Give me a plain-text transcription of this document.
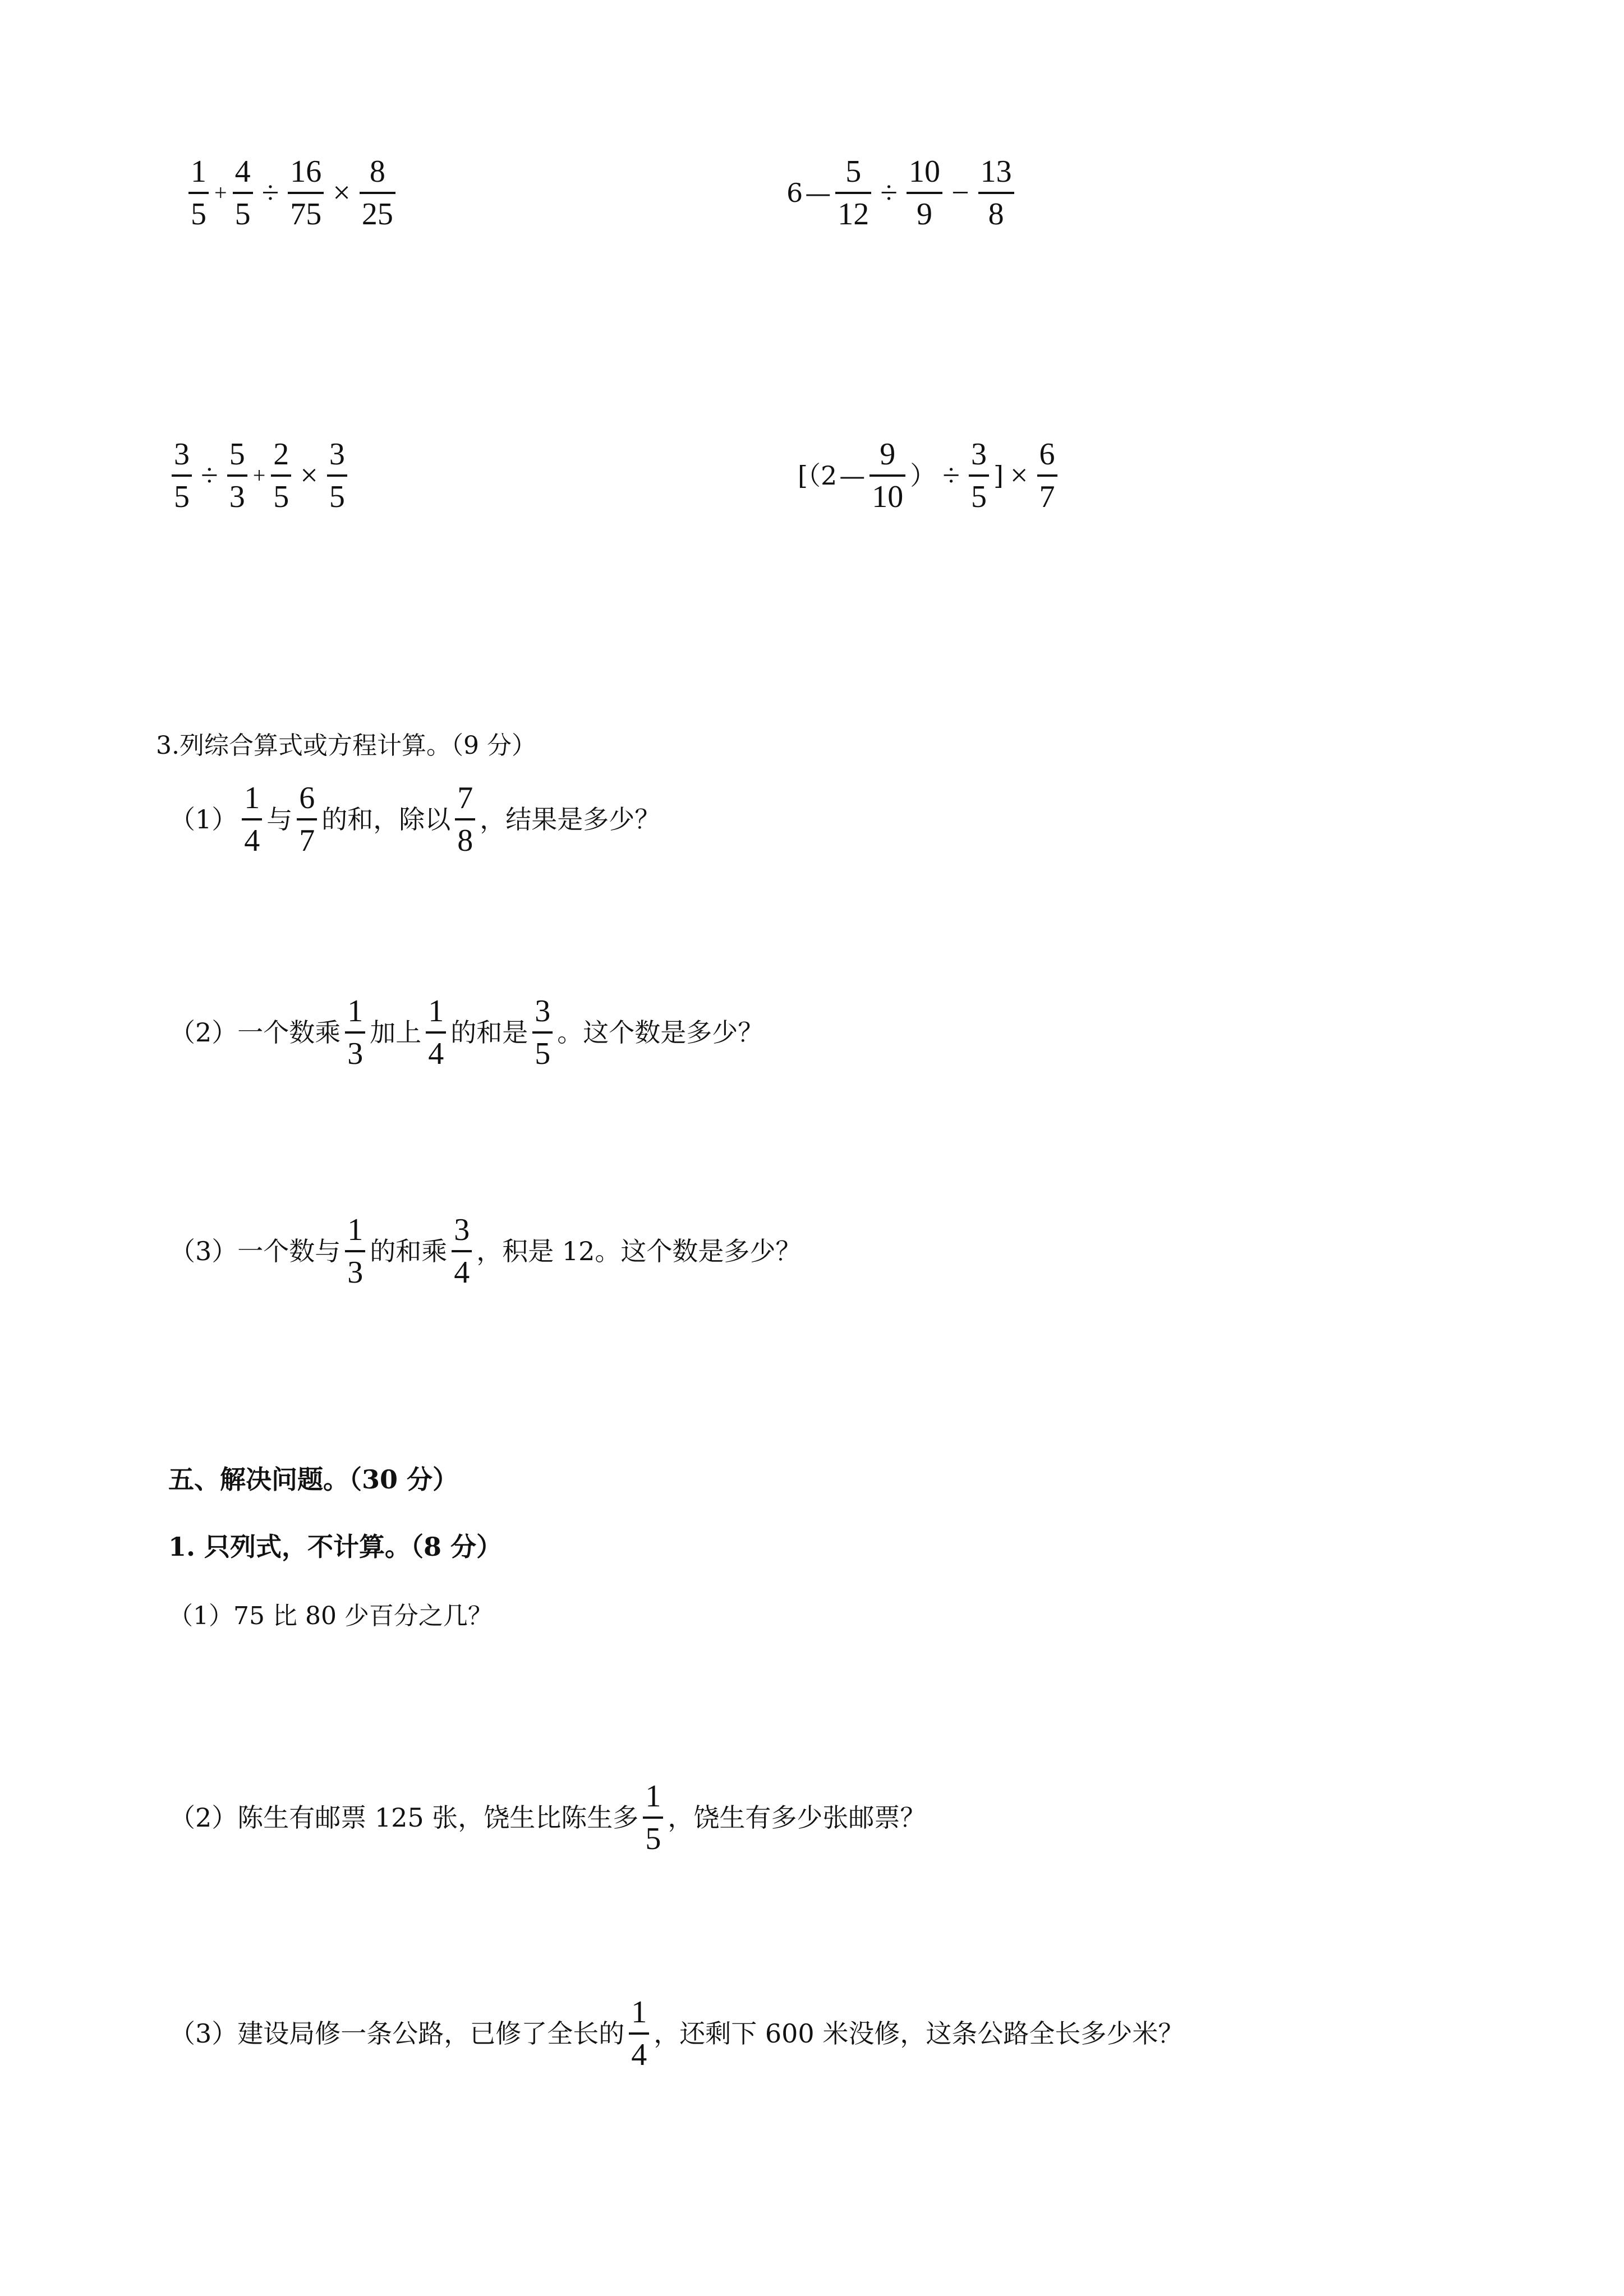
$\frac{1}{5} + \frac{4}{5} \div \frac{16}{75} \times \frac{8}{25}$	6 — $\frac{5}{12} \div \frac{10}{9} - \frac{13}{8}$
$\frac{3}{5} \div \frac{5}{3} + \frac{2}{5} \times \frac{3}{5}$	[（2 — $\frac{9}{10}$ ） ÷ $\frac{3}{5}$ ] × $\frac{6}{7}$
3.列综合算式或方程计算。（9 分）
$(1) \frac{1}{4}$ 与 $\frac{6}{7}$ 的和，除以 $\frac{7}{8}$ ，结果是多少？
（2）一个数乘 $\frac{1}{3}$ 加上 $\frac{1}{4}$ 的和是 $\frac{3}{5}$ 。这个数是多少？
（3）一个数与 $\frac{1}{3}$ 的和乘 $\frac{3}{4}$ ，积是 12。这个数是多少？
五、解决问题。（30 分）
1. 只列式，不计算。（8 分）
（1）75 比 80 少百分之几？
（2）陈生有邮票 125 张，饶生比陈生多 $\frac{1}{5}$ ，饶生有多少张邮票？
（3）建设局修一条公路，已修了全长的 $\frac{1}{4}$ ，还剩下 600 米没修，这条公路全长多少米？
